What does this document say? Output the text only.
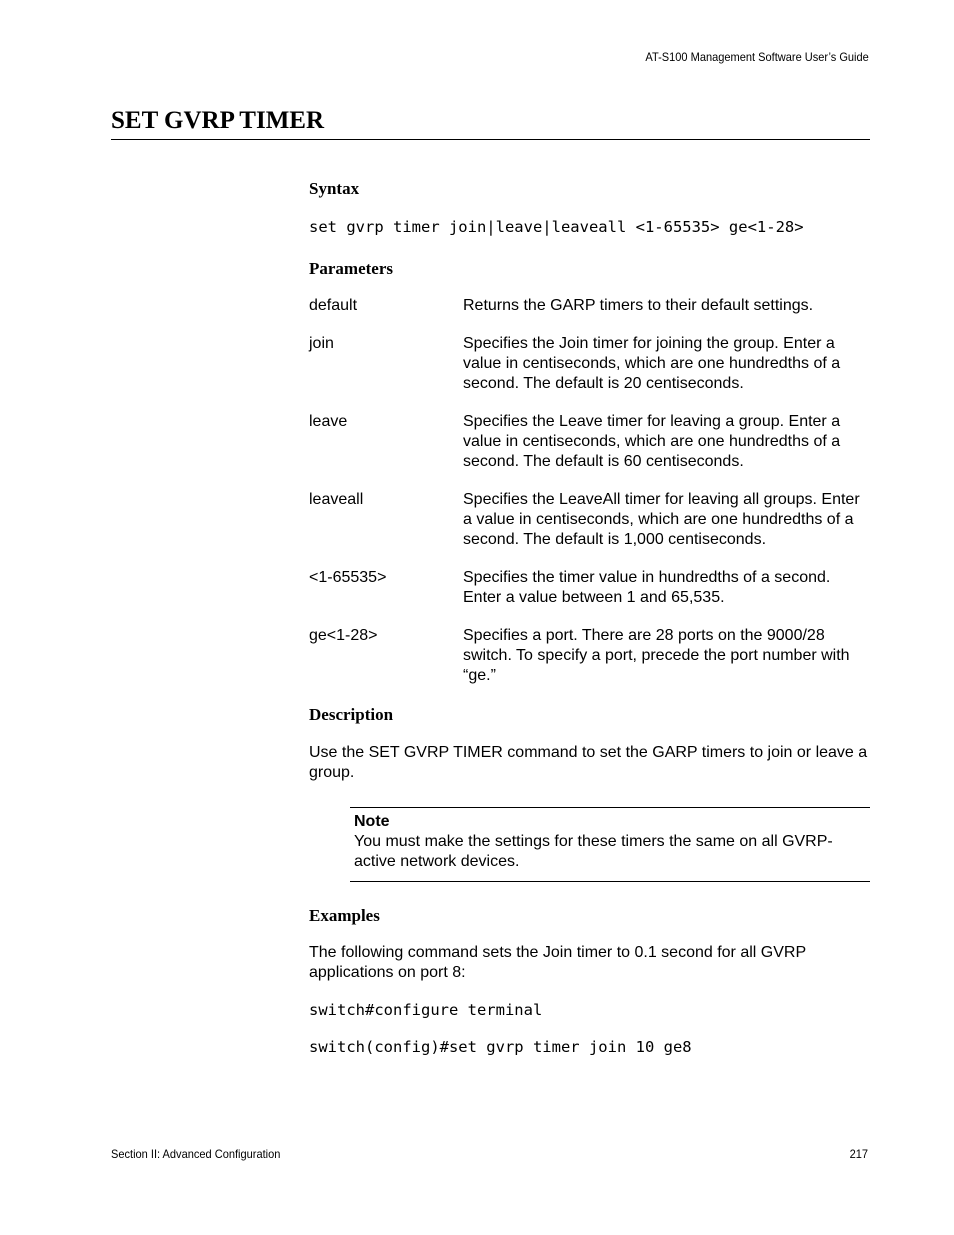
AT-S100 Management Software User’s Guide
SET GVRP TIMER
Syntax

set gvrp timer join|leave|leaveall <1-65535> ge<1-28>

Parameters
default	Returns the GARP timers to their default settings.
join	Specifies the Join timer for joining the group. Enter a value in centiseconds, which are one hundredths of a second. The default is 20 centiseconds.
leave	Specifies the Leave timer for leaving a group. Enter a value in centiseconds, which are one hundredths of a second. The default is 60 centiseconds.
leaveall	Specifies the LeaveAll timer for leaving all groups. Enter a value in centiseconds, which are one hundredths of a second. The default is 1,000 centiseconds.
<1-65535>	Specifies the timer value in hundredths of a second. Enter a value between 1 and 65,535.
ge<1-28>	Specifies a port. There are 28 ports on the 9000/28 switch. To specify a port, precede the port number with “ge.”
Description

Use the SET GVRP TIMER command to set the GARP timers to join or leave a group.

Note
You must make the settings for these timers the same on all GVRP-active network devices.
Examples

The following command sets the Join timer to 0.1 second for all GVRP applications on port 8:

switch#configure terminal

switch(config)#set gvrp timer join 10 ge8

Section II: Advanced Configuration	217
